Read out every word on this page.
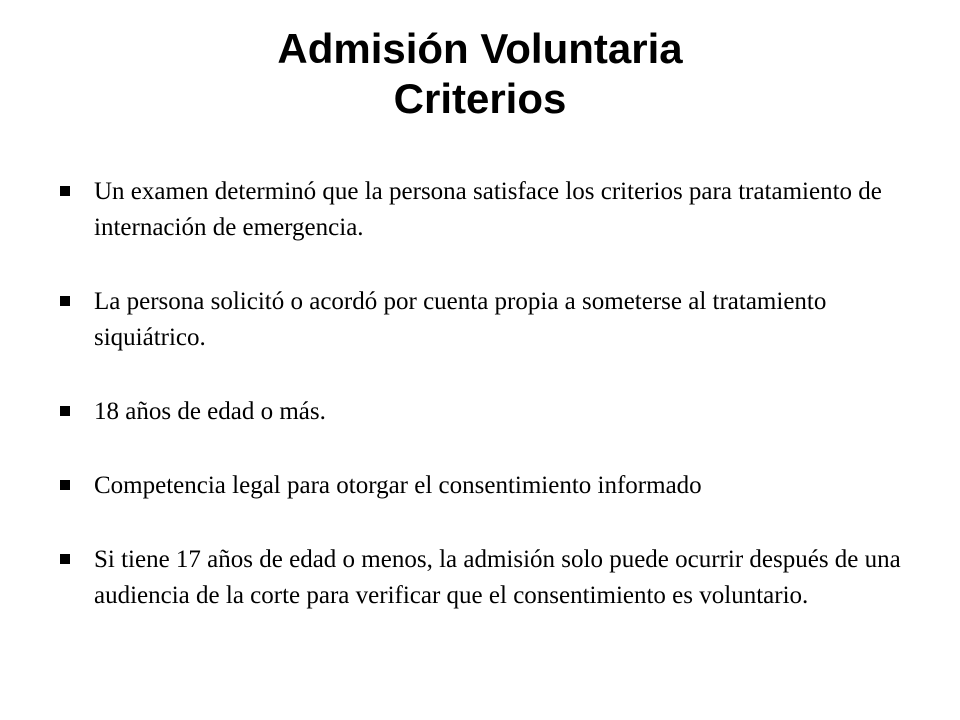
Admisión Voluntaria
Criterios
Un examen determinó que la persona satisface los criterios para tratamiento de internación de emergencia.
La persona solicitó o acordó por cuenta propia a someterse al tratamiento siquiátrico.
18 años de edad o más.
Competencia legal para otorgar el consentimiento informado
Si tiene 17 años de edad o menos, la admisión solo puede ocurrir después de una audiencia de la corte para verificar que el consentimiento es voluntario.
